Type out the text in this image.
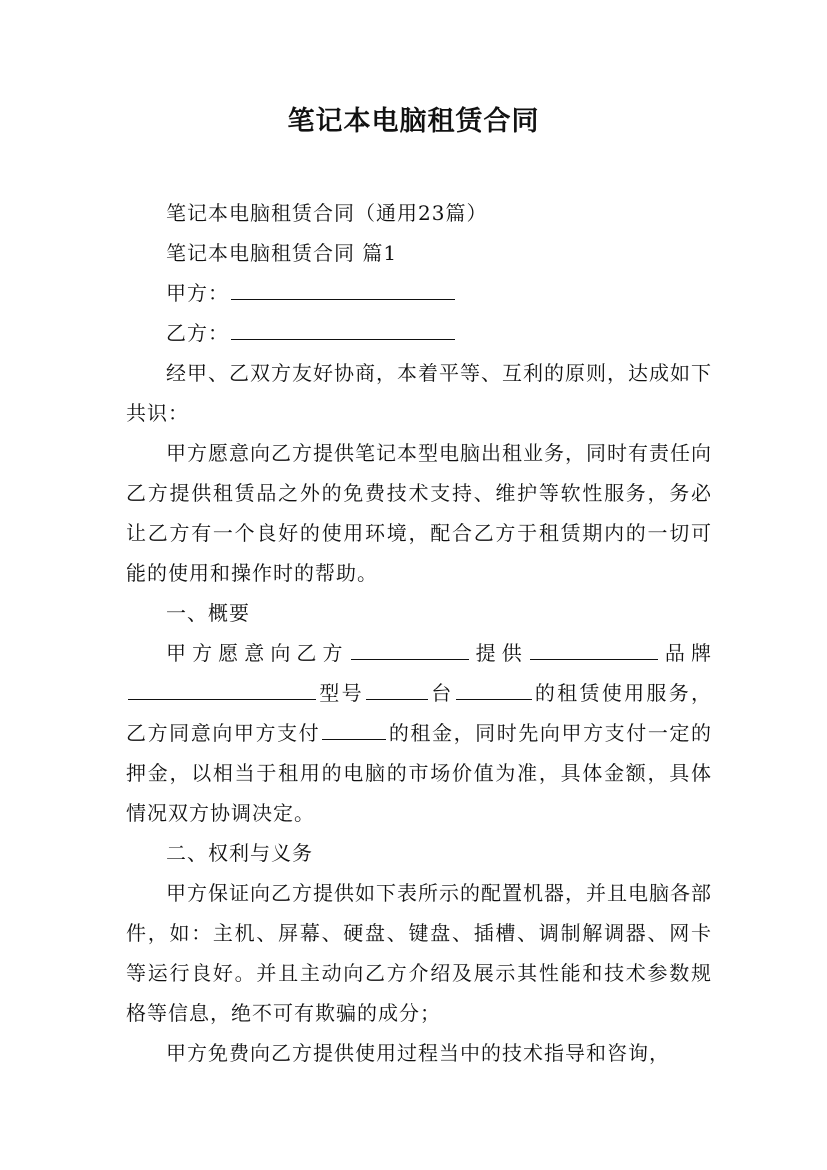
笔记本电脑租赁合同

笔记本电脑租赁合同（通用23篇）

笔记本电脑租赁合同 篇1

甲方：

乙方：

经甲、乙双方友好协商，本着平等、互利的原则，达成如下共识：

甲方愿意向乙方提供笔记本型电脑出租业务，同时有责任向乙方提供租赁品之外的免费技术支持、维护等软性服务，务必让乙方有一个良好的使用环境，配合乙方于租赁期内的一切可能的使用和操作时的帮助。

一、概要

甲方愿意向乙方	提供	品牌型号	台	的租赁使用服务，乙方同意向甲方支付	的租金，同时先向甲方支付一定的押金，以相当于租用的电脑的市场价值为准，具体金额，具体情况双方协调决定。

二、权利与义务

甲方保证向乙方提供如下表所示的配置机器，并且电脑各部件，如：主机、屏幕、硬盘、键盘、插槽、调制解调器、网卡等运行良好。并且主动向乙方介绍及展示其性能和技术参数规格等信息，绝不可有欺骗的成分；

甲方免费向乙方提供使用过程当中的技术指导和咨询，
